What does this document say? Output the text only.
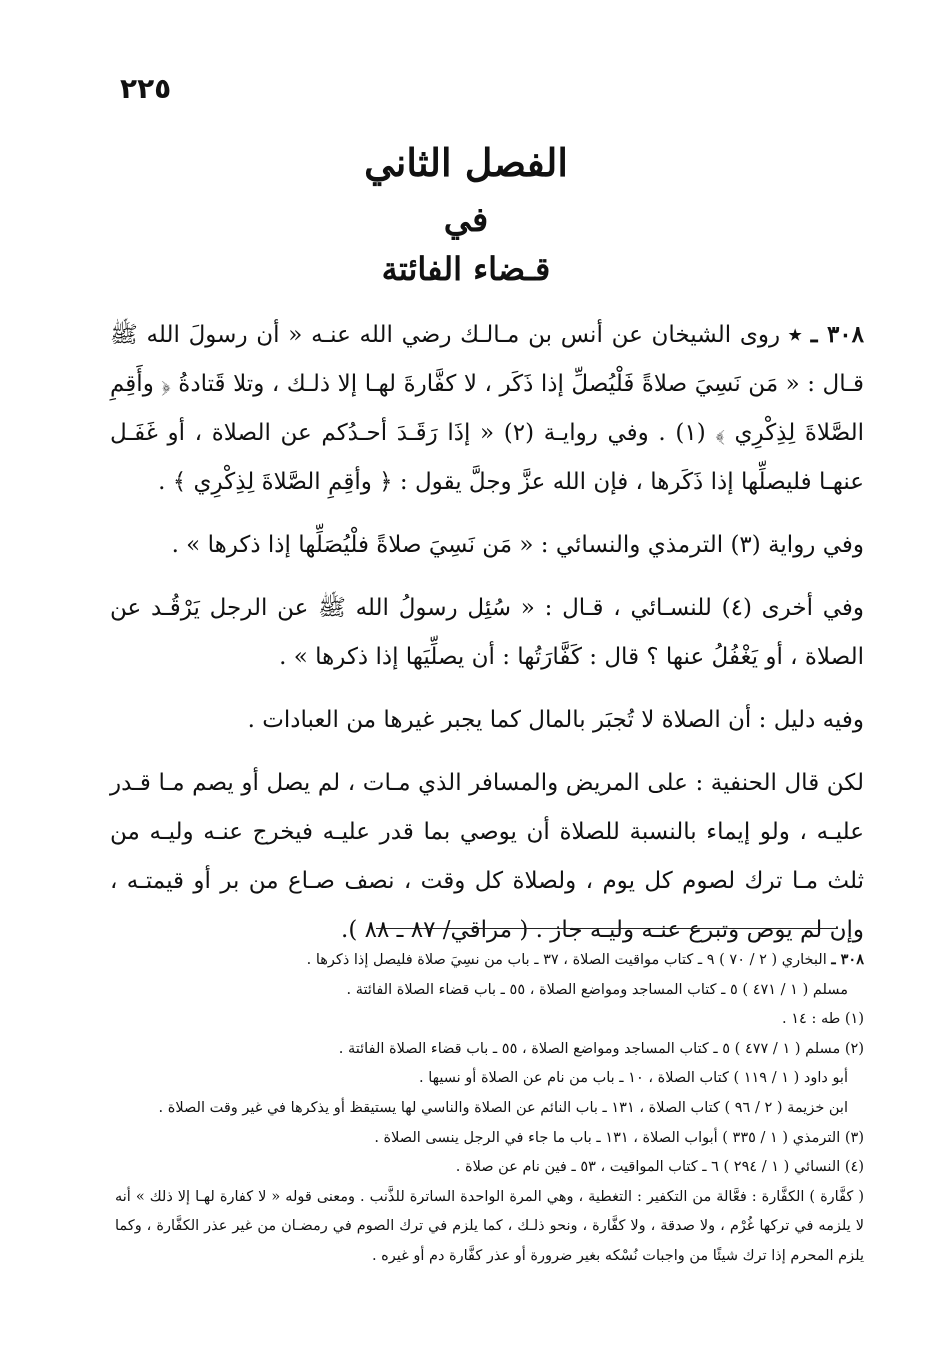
٢٢٥
الفصل الثاني
في
قـضاء الفائتة

٣٠٨ ـ ٭ روى الشيخان عن أنس بن مـالـك رضي الله عنـه « أن رسولَ الله ﷺ قـال : « مَن نَسِيَ صلاةً فَلْيُصلِّ إذا ذَكَر ، لا كفَّارةَ لهـا إلا ذلـك ، وتلا قَتادةُ ﴿ وأَقِمِ الصَّلاةَ لِذِكْرِي ﴾ (١) . وفي روايـة (٢) « إذَا رَقَـدَ أحـدُكم عن الصلاة ، أو غَفَـل عنهـا فليصلِّها إذا ذَكَرها ، فإن الله عزَّ وجلَّ يقول : ﴿ وأقِمِ الصَّلاةَ لِذِكْرِي ﴾ .

وفي رواية (٣) الترمذي والنسائي : « مَن نَسِيَ صلاةً فلْيُصَلِّها إذا ذكرها » .

وفي أخرى (٤) للنسـائي ، قـال : « سُئِل رسولُ الله ﷺ عن الرجل يَرْقُـد عن الصلاة ، أو يَغْفُلُ عنها ؟ قال : كَفَّارَتُها : أن يصلِّيَها إذا ذكرها » .

وفيه دليل : أن الصلاة لا تُجبَر بالمال كما يجبر غيرها من العبادات .

لكن قال الحنفية : على المريض والمسافر الذي مـات ، لم يصل أو يصم مـا قـدر عليـه ، ولو إيماء بالنسبة للصلاة أن يوصي بما قدر عليـه فيخرج عنـه وليـه من ثلث مـا ترك لصوم كل يوم ، ولصلاة كل وقت ، نصف صـاع من بر أو قيمتـه ، وإن لم يوص وتبرع عنـه وليـه جاز . ( مراقي/ ٨٧ ـ ٨٨ ).

٣٠٨ ـ البخاري ( ٢ / ٧٠ ) ٩ ـ كتاب مواقيت الصلاة ، ٣٧ ـ باب من نسِيَ صلاة فليصل إذا ذكرها .

مسلم ( ١ / ٤٧١ ) ٥ ـ كتاب المساجد ومواضع الصلاة ، ٥٥ ـ باب قضاء الصلاة الفائتة .

(١) طه : ١٤ .

(٢) مسلم ( ١ / ٤٧٧ ) ٥ ـ كتاب المساجد ومواضع الصلاة ، ٥٥ ـ باب قضاء الصلاة الفائتة .

أبو داود ( ١ / ١١٩ ) كتاب الصلاة ، ١٠ ـ باب من نام عن الصلاة أو نسيها .

ابن خزيمة ( ٢ / ٩٦ ) كتاب الصلاة ، ١٣١ ـ باب النائم عن الصلاة والناسي لها يستيقظ أو يذكرها في غير وقت الصلاة .

(٣) الترمذي ( ١ / ٣٣٥ ) أبواب الصلاة ، ١٣١ ـ باب ما جاء في الرجل ينسى الصلاة .

(٤) النسائي ( ١ / ٢٩٤ ) ٦ ـ كتاب المواقيت ، ٥٣ ـ فين نام عن صلاة .

( كفَّارة ) الكفَّارة : فعَّالة من التكفير : التغطية ، وهي المرة الواحدة الساترة للذَّنب . ومعنى قوله « لا كفارة لهـا إلا ذلك » أنه لا يلزمه في تركها غُرْم ، ولا صدقة ، ولا كفَّارة ، ونحو ذلـك ، كما يلزم في ترك الصوم في رمضـان من غير عذر الكفَّارة ، وكما يلزم المحرم إذا ترك شيئًا من واجبات نُسْكه بغير ضرورة أو عذر كفَّارة دم أو غيره .
